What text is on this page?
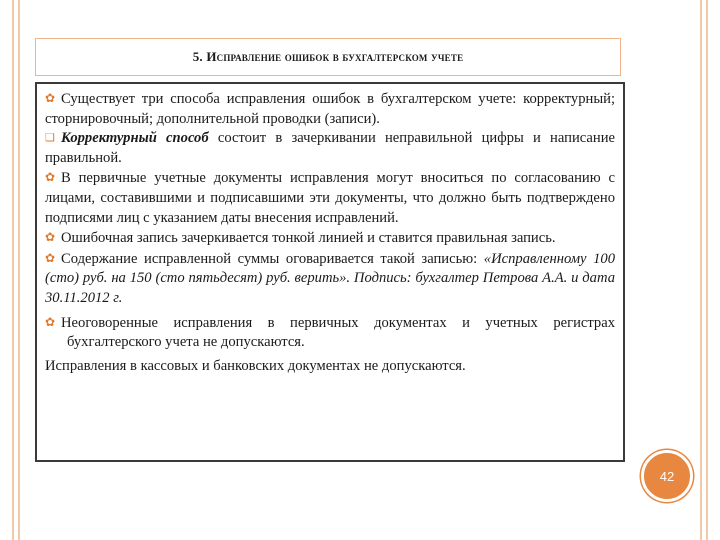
5. Исправление ошибок в бухгалтерском учете

✿ Существует три способа исправления ошибок в бухгалтерском учете: корректурный; сторнировочный; дополнительной проводки (записи).

❑ Корректурный способ состоит в зачеркивании неправильной цифры и написание правильной.

✿ В первичные учетные документы исправления могут вноситься по согласованию с лицами, составившими и подписавшими эти документы, что должно быть подтверждено подписями лиц с указанием даты внесения исправлений.

✿ Ошибочная запись зачеркивается тонкой линией и ставится правильная запись.

✿ Содержание исправленной суммы оговаривается такой записью: «Исправленному 100 (сто) руб. на 150 (сто пятьдесят) руб. верить». Подпись: бухгалтер Петрова А.А. и дата 30.11.2012 г.

✿ Неоговоренные исправления в первичных документах и учетных регистрах бухгалтерского учета не допускаются.

Исправления в кассовых и банковских документах не допускаются.

42
